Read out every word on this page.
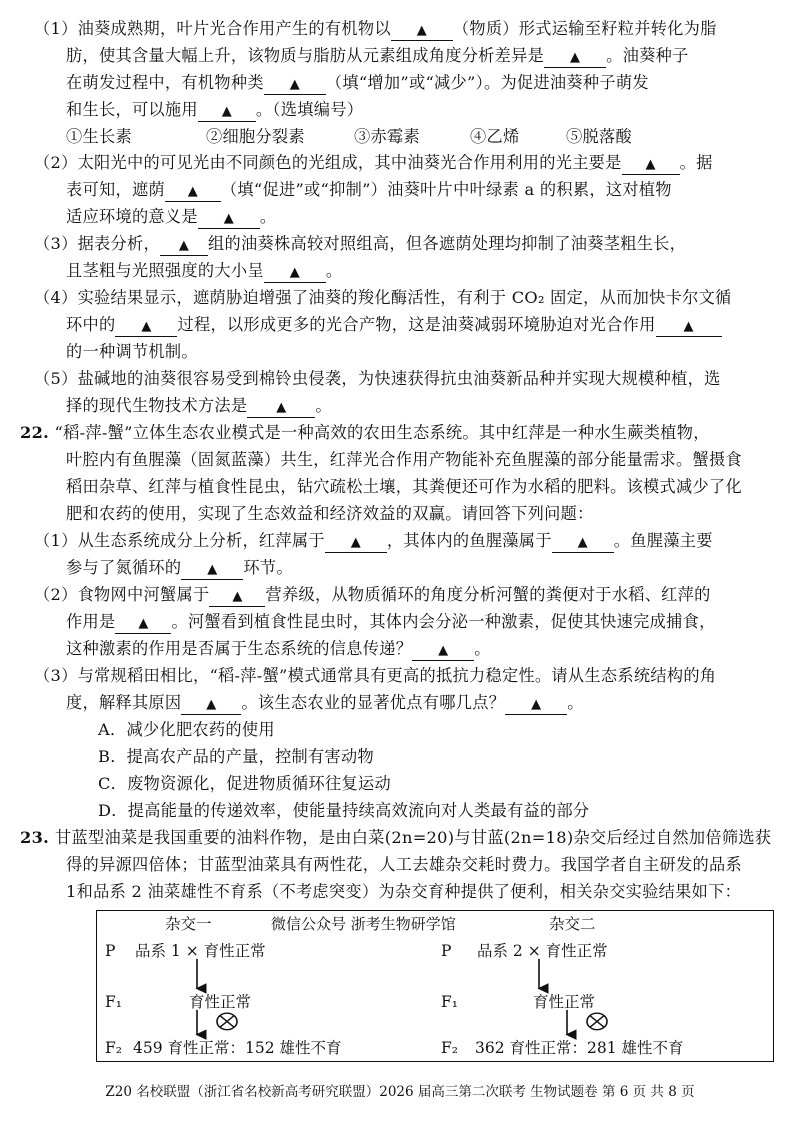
（1）油葵成熟期，叶片光合作用产生的有机物以 ▲ （物质）形式运输至籽粒并转化为脂
肪，使其含量大幅上升，该物质与脂肪从元素组成角度分析差异是 ▲ 。油葵种子
在萌发过程中，有机物种类 ▲ （填“增加”或“减少”）。为促进油葵种子萌发
和生长，可以施用 ▲ 。（选填编号）
①生长素	②细胞分裂素	③赤霉素	④乙烯	⑤脱落酸
（2）太阳光中的可见光由不同颜色的光组成，其中油葵光合作用利用的光主要是 ▲ 。据
表可知，遮荫 ▲ （填“促进”或“抑制”）油葵叶片中叶绿素 a 的积累，这对植物
适应环境的意义是 ▲ 。
（3）据表分析， ▲ 组的油葵株高较对照组高，但各遮荫处理均抑制了油葵茎粗生长，
且茎粗与光照强度的大小呈 ▲ 。
（4）实验结果显示，遮荫胁迫增强了油葵的羧化酶活性，有利于 CO₂ 固定，从而加快卡尔文循
环中的 ▲ 过程，以形成更多的光合产物，这是油葵减弱环境胁迫对光合作用 ▲
的一种调节机制。
（5）盐碱地的油葵很容易受到棉铃虫侵袭，为快速获得抗虫油葵新品种并实现大规模种植，选
择的现代生物技术方法是 ▲ 。
22. “稻-萍-蟹”立体生态农业模式是一种高效的农田生态系统。其中红萍是一种水生蕨类植物，
叶腔内有鱼腥藻（固氮蓝藻）共生，红萍光合作用产物能补充鱼腥藻的部分能量需求。蟹摄食
稻田杂草、红萍与植食性昆虫，钻穴疏松土壤，其粪便还可作为水稻的肥料。该模式减少了化
肥和农药的使用，实现了生态效益和经济效益的双赢。请回答下列问题：
（1）从生态系统成分上分析，红萍属于 ▲ ，其体内的鱼腥藻属于 ▲ 。鱼腥藻主要
参与了氮循环的 ▲ 环节。
（2）食物网中河蟹属于 ▲ 营养级，从物质循环的角度分析河蟹的粪便对于水稻、红萍的
作用是 ▲ 。河蟹看到植食性昆虫时，其体内会分泌一种激素，促使其快速完成捕食，
这种激素的作用是否属于生态系统的信息传递？ ▲ 。
（3）与常规稻田相比，“稻-萍-蟹”模式通常具有更高的抵抗力稳定性。请从生态系统结构的角
度，解释其原因 ▲ 。该生态农业的显著优点有哪几点？ ▲ 。
A．减少化肥农药的使用
B．提高农产品的产量，控制有害动物
C．废物资源化，促进物质循环往复运动
D．提高能量的传递效率，使能量持续高效流向对人类最有益的部分
杂交一	微信公众号 浙考生物研学馆	杂交二
P 品系 1 × 育性正常	P 品系 2 × 育性正常
F₁	育性正常	F₁	育性正常
F₂ 459 育性正常：152 雄性不育	F₂ 362 育性正常：281 雄性不育
Z20 名校联盟（浙江省名校新高考研究联盟）2026 届高三第二次联考 生物试题卷 第 6 页 共 8 页
23. 甘蓝型油菜是我国重要的油料作物，是由白菜(2n=20)与甘蓝(2n=18)杂交后经过自然加倍筛选获
得的异源四倍体；甘蓝型油菜具有两性花，人工去雄杂交耗时费力。我国学者自主研发的品系
1和品系 2 油菜雄性不育系（不考虑突变）为杂交育种提供了便利，相关杂交实验结果如下：
